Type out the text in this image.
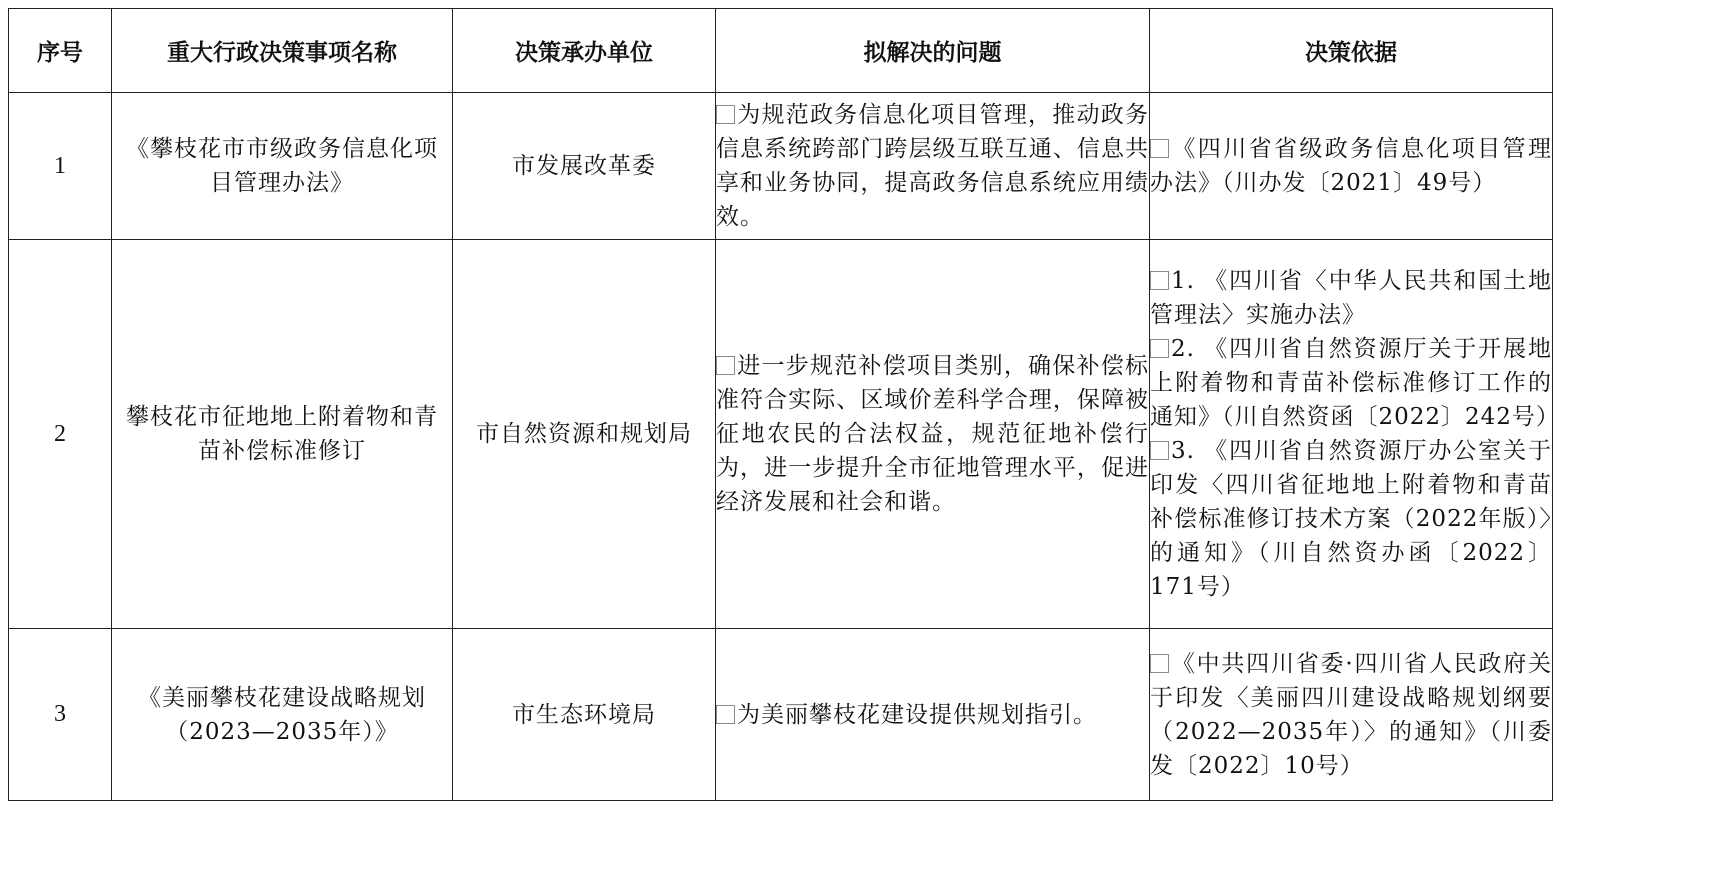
序号	重大行政决策事项名称	决策承办单位	拟解决的问题	决策依据
1	《攀枝花市市级政务信息化项目管理办法》	市发展改革委	为规范政务信息化项目管理，推动政务信息系统跨部门跨层级互联互通、信息共享和业务协同，提高政务信息系统应用绩效。	《四川省省级政务信息化项目管理办法》（川办发〔2021〕49号）

2	攀枝花市征地地上附着物和青苗补偿标准修订	市自然资源和规划局	进一步规范补偿项目类别，确保补偿标准符合实际、区域价差科学合理，保障被征地农民的合法权益，规范征地补偿行为，进一步提升全市征地管理水平，促进经济发展和社会和谐。	1. 《四川省〈中华人民共和国土地管理法〉实施办法》
2. 《四川省自然资源厅关于开展地上附着物和青苗补偿标准修订工作的通知》（川自然资函〔2022〕242号）
3. 《四川省自然资源厅办公室关于印发〈四川省征地地上附着物和青苗补偿标准修订技术方案（2022年版）〉的通知》（川自然资办函〔2022〕171号）

3	《美丽攀枝花建设战略规划（2023—2035年）》	市生态环境局	为美丽攀枝花建设提供规划指引。	《中共四川省委·四川省人民政府关于印发〈美丽四川建设战略规划纲要（2022—2035年）〉的通知》（川委发〔2022〕10号）
